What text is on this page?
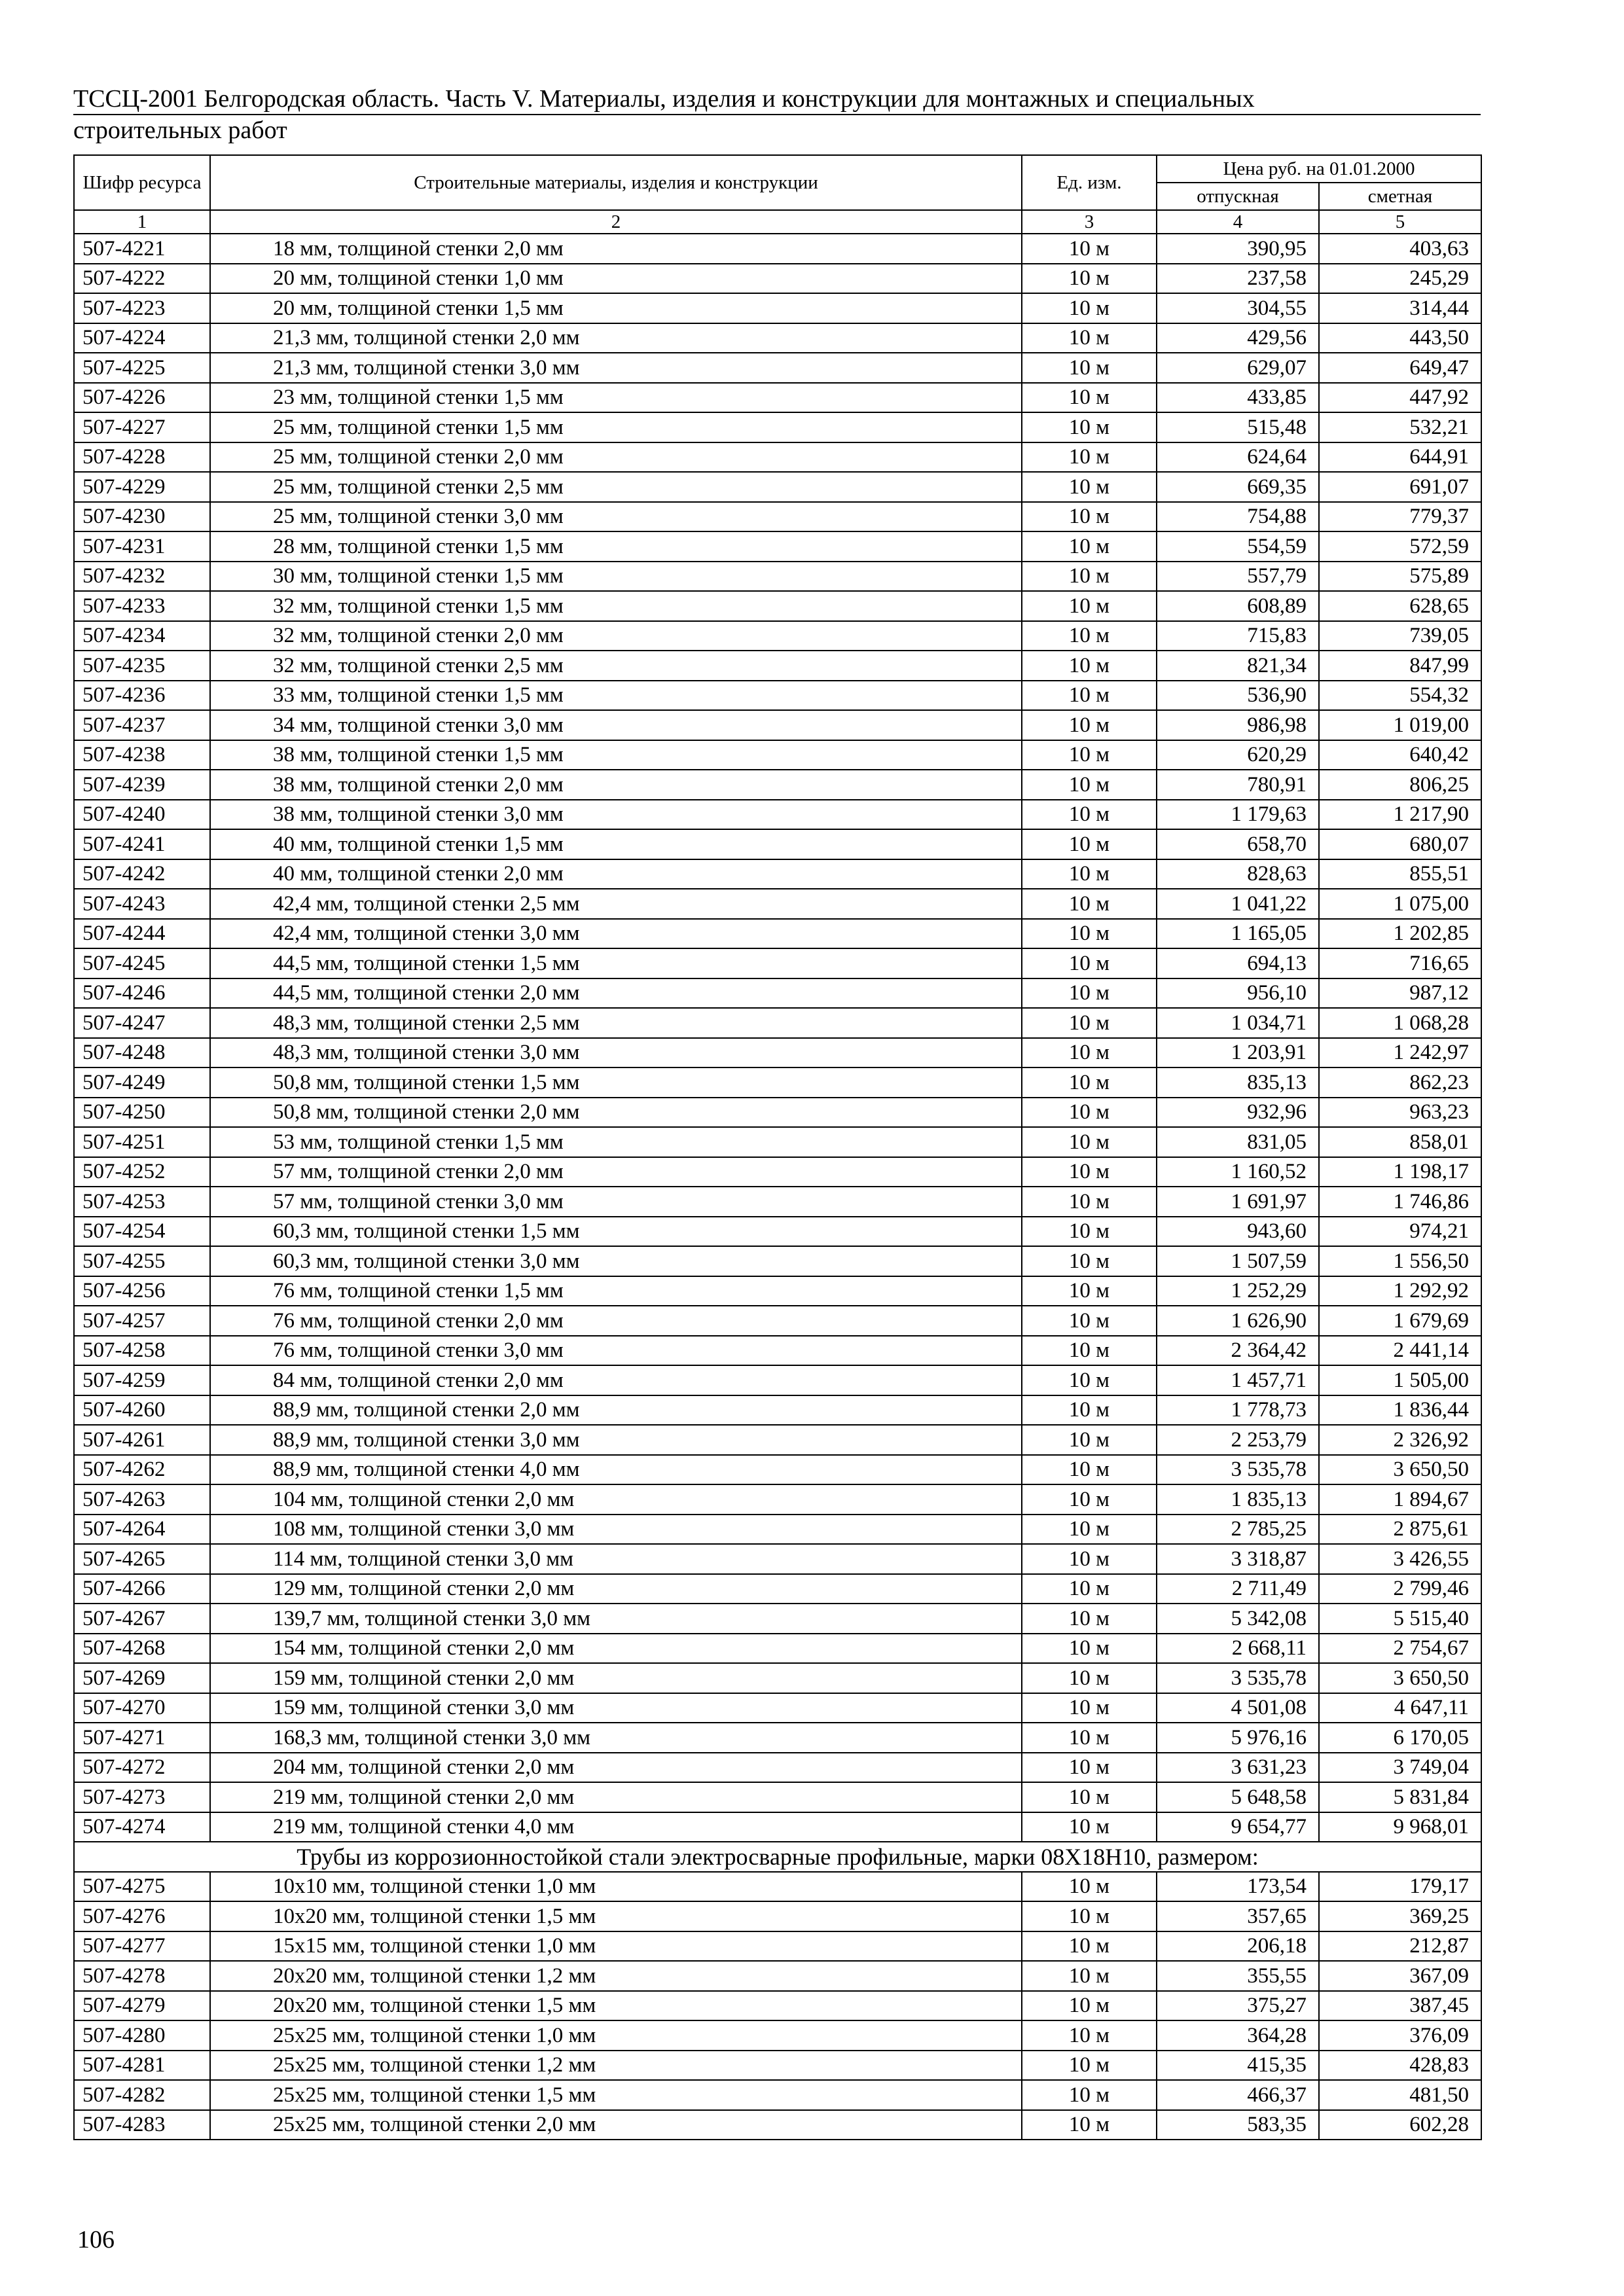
ТССЦ-2001 Белгородская область. Часть V. Материалы, изделия и конструкции для монтажных и специальных
строительных работ
Шифр ресурса	Строительные материалы, изделия и конструкции	Ед. изм.	Цена руб. на 01.01.2000	
			отпускная	сметная
1	2	3	4	5
507-4221	18 мм, толщиной стенки 2,0 мм	10 м	390,95	403,63
507-4222	20 мм, толщиной стенки 1,0 мм	10 м	237,58	245,29
507-4223	20 мм, толщиной стенки 1,5 мм	10 м	304,55	314,44
507-4224	21,3 мм, толщиной стенки 2,0 мм	10 м	429,56	443,50
507-4225	21,3 мм, толщиной стенки 3,0 мм	10 м	629,07	649,47
507-4226	23 мм, толщиной стенки 1,5 мм	10 м	433,85	447,92
507-4227	25 мм, толщиной стенки 1,5 мм	10 м	515,48	532,21
507-4228	25 мм, толщиной стенки 2,0 мм	10 м	624,64	644,91
507-4229	25 мм, толщиной стенки 2,5 мм	10 м	669,35	691,07
507-4230	25 мм, толщиной стенки 3,0 мм	10 м	754,88	779,37
507-4231	28 мм, толщиной стенки 1,5 мм	10 м	554,59	572,59
507-4232	30 мм, толщиной стенки 1,5 мм	10 м	557,79	575,89
507-4233	32 мм, толщиной стенки 1,5 мм	10 м	608,89	628,65
507-4234	32 мм, толщиной стенки 2,0 мм	10 м	715,83	739,05
507-4235	32 мм, толщиной стенки 2,5 мм	10 м	821,34	847,99
507-4236	33 мм, толщиной стенки 1,5 мм	10 м	536,90	554,32
507-4237	34 мм, толщиной стенки 3,0 мм	10 м	986,98	1 019,00
507-4238	38 мм, толщиной стенки 1,5 мм	10 м	620,29	640,42
507-4239	38 мм, толщиной стенки 2,0 мм	10 м	780,91	806,25
507-4240	38 мм, толщиной стенки 3,0 мм	10 м	1 179,63	1 217,90
507-4241	40 мм, толщиной стенки 1,5 мм	10 м	658,70	680,07
507-4242	40 мм, толщиной стенки 2,0 мм	10 м	828,63	855,51
507-4243	42,4 мм, толщиной стенки 2,5 мм	10 м	1 041,22	1 075,00
507-4244	42,4 мм, толщиной стенки 3,0 мм	10 м	1 165,05	1 202,85
507-4245	44,5 мм, толщиной стенки 1,5 мм	10 м	694,13	716,65
507-4246	44,5 мм, толщиной стенки 2,0 мм	10 м	956,10	987,12
507-4247	48,3 мм, толщиной стенки 2,5 мм	10 м	1 034,71	1 068,28
507-4248	48,3 мм, толщиной стенки 3,0 мм	10 м	1 203,91	1 242,97
507-4249	50,8 мм, толщиной стенки 1,5 мм	10 м	835,13	862,23
507-4250	50,8 мм, толщиной стенки 2,0 мм	10 м	932,96	963,23
507-4251	53 мм, толщиной стенки 1,5 мм	10 м	831,05	858,01
507-4252	57 мм, толщиной стенки 2,0 мм	10 м	1 160,52	1 198,17
507-4253	57 мм, толщиной стенки 3,0 мм	10 м	1 691,97	1 746,86
507-4254	60,3 мм, толщиной стенки 1,5 мм	10 м	943,60	974,21
507-4255	60,3 мм, толщиной стенки 3,0 мм	10 м	1 507,59	1 556,50
507-4256	76 мм, толщиной стенки 1,5 мм	10 м	1 252,29	1 292,92
507-4257	76 мм, толщиной стенки 2,0 мм	10 м	1 626,90	1 679,69
507-4258	76 мм, толщиной стенки 3,0 мм	10 м	2 364,42	2 441,14
507-4259	84 мм, толщиной стенки 2,0 мм	10 м	1 457,71	1 505,00
507-4260	88,9 мм, толщиной стенки 2,0 мм	10 м	1 778,73	1 836,44
507-4261	88,9 мм, толщиной стенки 3,0 мм	10 м	2 253,79	2 326,92
507-4262	88,9 мм, толщиной стенки 4,0 мм	10 м	3 535,78	3 650,50
507-4263	104 мм, толщиной стенки 2,0 мм	10 м	1 835,13	1 894,67
507-4264	108 мм, толщиной стенки 3,0 мм	10 м	2 785,25	2 875,61
507-4265	114 мм, толщиной стенки 3,0 мм	10 м	3 318,87	3 426,55
507-4266	129 мм, толщиной стенки 2,0 мм	10 м	2 711,49	2 799,46
507-4267	139,7 мм, толщиной стенки 3,0 мм	10 м	5 342,08	5 515,40
507-4268	154 мм, толщиной стенки 2,0 мм	10 м	2 668,11	2 754,67
507-4269	159 мм, толщиной стенки 2,0 мм	10 м	3 535,78	3 650,50
507-4270	159 мм, толщиной стенки 3,0 мм	10 м	4 501,08	4 647,11
507-4271	168,3 мм, толщиной стенки 3,0 мм	10 м	5 976,16	6 170,05
507-4272	204 мм, толщиной стенки 2,0 мм	10 м	3 631,23	3 749,04
507-4273	219 мм, толщиной стенки 2,0 мм	10 м	5 648,58	5 831,84
507-4274	219 мм, толщиной стенки 4,0 мм	10 м	9 654,77	9 968,01
Трубы из коррозионностойкой стали электросварные профильные, марки 08Х18Н10, размером:				
507-4275	10х10 мм, толщиной стенки 1,0 мм	10 м	173,54	179,17
507-4276	10х20 мм, толщиной стенки 1,5 мм	10 м	357,65	369,25
507-4277	15х15 мм, толщиной стенки 1,0 мм	10 м	206,18	212,87
507-4278	20х20 мм, толщиной стенки 1,2 мм	10 м	355,55	367,09
507-4279	20х20 мм, толщиной стенки 1,5 мм	10 м	375,27	387,45
507-4280	25х25 мм, толщиной стенки 1,0 мм	10 м	364,28	376,09
507-4281	25х25 мм, толщиной стенки 1,2 мм	10 м	415,35	428,83
507-4282	25х25 мм, толщиной стенки 1,5 мм	10 м	466,37	481,50
507-4283	25х25 мм, толщиной стенки 2,0 мм	10 м	583,35	602,28
106
